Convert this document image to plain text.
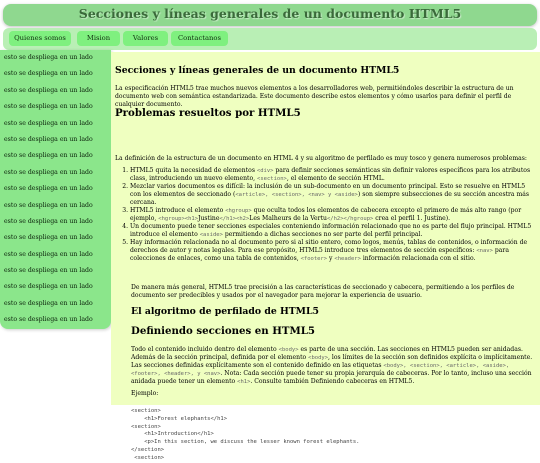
Secciones y líneas generales de un documento HTML5
Quienes somos	Mision	Valores	Contactanos
esto se despliega en un lado
esto se despliega en un lado
esto se despliega en un lado
esto se despliega en un lado
esto se despliega en un lado
esto se despliega en un lado
esto se despliega en un lado
esto se despliega en un lado
esto se despliega en un lado
esto se despliega en un lado
esto se despliega en un lado
esto se despliega en un lado
esto se despliega en un lado
esto se despliega en un lado
esto se despliega en un lado
esto se despliega en un lado
esto se despliega en un lado
Secciones y líneas generales de un documento HTML5

La especificación HTML5 trae muchos nuevos elementos a los desarrolladores web, permitiéndoles describir la estructura de un documento web con semántica estandarizada. Este documento describe estos elementos y cómo usarlos para definir el perfil de cualquier documento.

Problemas resueltos por HTML5

La definición de la estructura de un documento en HTML 4 y su algoritmo de perfilado es muy tosco y genera numerosos problemas:

1. HTML5 quita la necesidad de elementos <div> para definir secciones semánticas sin definir valores específicos para los atributos class, introduciendo un nuevo elemento, <section>, el elemento de sección HTML.
2. Mezclar varios documentos es difícil: la inclusión de un sub-documento en un documento principal. Esto se resuelve en HTML5 con los elementos de seccionado (<article>, <section>, <nav> y <aside>) son siempre subsecciones de su sección ancestra más cercana.
3. HTML5 introduce el elemento <hgroup> que oculta todos los elementos de cabecera excepto el primero de más alto rango (por ejemplo, <hgroup><h1>Justine</h1><h2>Les Malheurs de la Vertu</h2></hgroup> crea el perfil 1. Justine).
4. Un documento puede tener secciones especiales conteniendo información relacionado que no es parte del flujo principal. HTML5 introduce el elemento <aside> permitiendo a dichas secciones no ser parte del perfil principal.
5. Hay información relacionada no al documento pero si al sitio entero, como logos, menús, tablas de contenidos, o información de derechos de autor y notas legales. Para ese propósito, HTML5 introduce tres elementos de sección específicos: <nav> para colecciones de enlaces, como una tabla de contenidos, <footer> y <header> información relacionada con el sitio.

De manera más general, HTML5 trae precisión a las características de seccionado y cabecera, permitiendo a los perfiles de documento ser predecibles y usados por el navegador para mejorar la experiencia de usuario.

El algoritmo de perfilado de HTML5
Definiendo secciones en HTML5

Todo el contenido incluido dentro del elemento <body> es parte de una sección. Las secciones en HTML5 pueden ser anidadas. Además de la sección principal, definida por el elemento <body>, los límites de la sección son definidos explícita o implícitamente. Las secciones definidas explícitamente son el contenido definido en las etiquetas <body>, <section>, <article>, <aside>, <footer>, <header>, y <nav>. Nota: Cada sección puede tener su propia jerarquía de cabeceras. Por lo tanto, incluso una sección anidada puede tener un elemento <h1>. Consulte también Definiendo cabeceras en HTML5.

Ejemplo:

<section>
<h1>Forest elephants</h1>
<section>
<h1>Introduction</h1>
<p>In this section, we discuss the lesser known forest elephants.
</section>
<section>
